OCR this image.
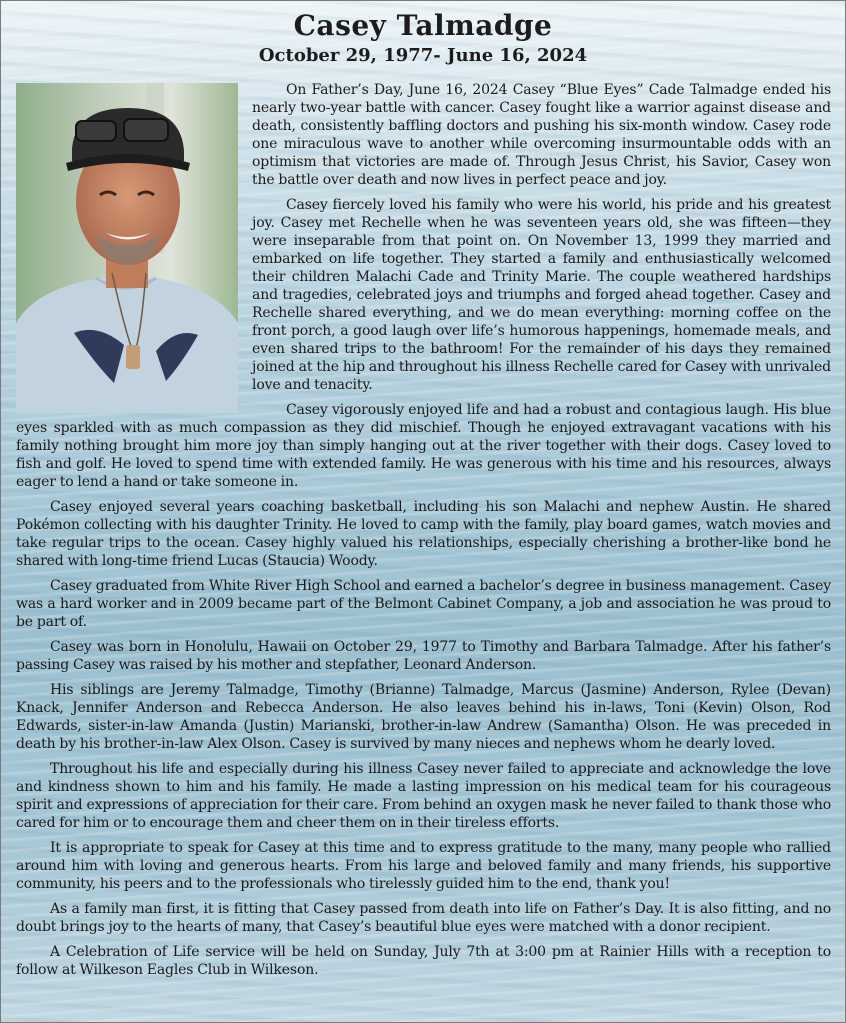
Casey Talmadge
October 29, 1977- June 16, 2024

On Father’s Day, June 16, 2024 Casey “Blue Eyes” Cade Talmadge ended his nearly two-year battle with cancer. Casey fought like a warrior against disease and death, consistently baffling doctors and pushing his six-month window. Casey rode one miraculous wave to another while overcoming insurmountable odds with an optimism that victories are made of. Through Jesus Christ, his Savior, Casey won the battle over death and now lives in perfect peace and joy.

Casey fiercely loved his family who were his world, his pride and his greatest joy. Casey met Rechelle when he was seventeen years old, she was fifteen—they were inseparable from that point on. On November 13, 1999 they married and embarked on life together. They started a family and enthusiastically welcomed their children Malachi Cade and Trinity Marie. The couple weathered hardships and tragedies, celebrated joys and triumphs and forged ahead together. Casey and Rechelle shared everything, and we do mean everything: morning coffee on the front porch, a good laugh over life’s humorous happenings, homemade meals, and even shared trips to the bathroom! For the remainder of his days they remained joined at the hip and throughout his illness Rechelle cared for Casey with unrivaled love and tenacity.

Casey vigorously enjoyed life and had a robust and contagious laugh. His blue eyes sparkled with as much compassion as they did mischief. Though he enjoyed extravagant vacations with his family nothing brought him more joy than simply hanging out at the river together with their dogs. Casey loved to fish and golf. He loved to spend time with extended family. He was generous with his time and his resources, always eager to lend a hand or take someone in.

Casey enjoyed several years coaching basketball, including his son Malachi and nephew Austin. He shared Pokémon collecting with his daughter Trinity. He loved to camp with the family, play board games, watch movies and take regular trips to the ocean. Casey highly valued his relationships, especially cherishing a brother-like bond he shared with long-time friend Lucas (Staucia) Woody.

Casey graduated from White River High School and earned a bachelor’s degree in business management. Casey was a hard worker and in 2009 became part of the Belmont Cabinet Company, a job and association he was proud to be part of.

Casey was born in Honolulu, Hawaii on October 29, 1977 to Timothy and Barbara Talmadge. After his father’s passing Casey was raised by his mother and stepfather, Leonard Anderson.

His siblings are Jeremy Talmadge, Timothy (Brianne) Talmadge, Marcus (Jasmine) Anderson, Rylee (Devan) Knack, Jennifer Anderson and Rebecca Anderson. He also leaves behind his in-laws, Toni (Kevin) Olson, Rod Edwards, sister-in-law Amanda (Justin) Marianski, brother-in-law Andrew (Samantha) Olson. He was preceded in death by his brother-in-law Alex Olson. Casey is survived by many nieces and nephews whom he dearly loved.

Throughout his life and especially during his illness Casey never failed to appreciate and acknowledge the love and kindness shown to him and his family. He made a lasting impression on his medical team for his courageous spirit and expressions of appreciation for their care. From behind an oxygen mask he never failed to thank those who cared for him or to encourage them and cheer them on in their tireless efforts.

It is appropriate to speak for Casey at this time and to express gratitude to the many, many people who rallied around him with loving and generous hearts. From his large and beloved family and many friends, his supportive community, his peers and to the professionals who tirelessly guided him to the end, thank you!

As a family man first, it is fitting that Casey passed from death into life on Father’s Day. It is also fitting, and no doubt brings joy to the hearts of many, that Casey’s beautiful blue eyes were matched with a donor recipient.

A Celebration of Life service will be held on Sunday, July 7th at 3:00 pm at Rainier Hills with a reception to follow at Wilkeson Eagles Club in Wilkeson.
